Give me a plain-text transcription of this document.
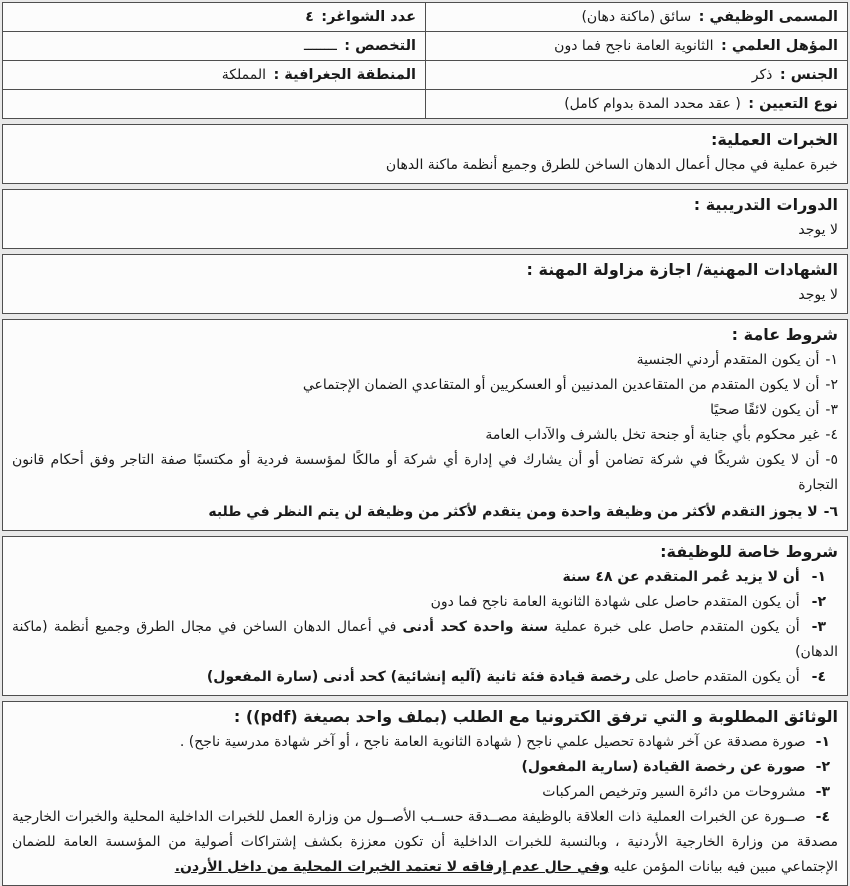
المسمى الوظيفي : سائق (ماكنة دهان)
عدد الشواغر: ٤
المؤهل العلمي : الثانوية العامة ناجح فما دون
التخصص : ــــــــ
الجنس : ذكر
المنطقة الجغرافية : المملكة
نوع التعيين : ( عقد محدد المدة بدوام كامل)
الخبرات العملية:
خبرة عملية في مجال أعمال الدهان الساخن للطرق وجميع أنظمة ماكنة الدهان
الدورات التدريبية :
لا يوجد
الشهادات المهنية/ اجازة مزاولة المهنة :
لا يوجد
شروط عامة :
١-أن يكون المتقدم أردني الجنسية
٢-أن لا يكون المتقدم من المتقاعدين المدنيين أو العسكريين أو المتقاعدي الضمان الإجتماعي
٣-أن يكون لائقًا صحيًا
٤-غير محكوم بأي جناية أو جنحة تخل بالشرف والآداب العامة
٥-أن لا يكون شريكًا في شركة تضامن أو أن يشارك في إدارة أي شركة أو مالكًا لمؤسسة فردية أو مكتسبًا صفة التاجر وفق أحكام قانون التجارة
٦-لا يجوز التقدم لأكثر من وظيفة واحدة ومن يتقدم لأكثر من وظيفة لن يتم النظر في طلبه
شروط خاصة للوظيفة:
١-أن لا يزيد عُمر المتقدم عن ٤٨ سنة
٢-أن يكون المتقدم حاصل على شهادة الثانوية العامة ناجح فما دون
٣-أن يكون المتقدم حاصل على خبرة عملية سنة واحدة كحد أدنى في أعمال الدهان الساخن في مجال الطرق وجميع أنظمة (ماكنة الدهان)
٤-أن يكون المتقدم حاصل على رخصة قيادة فئة ثانية (آليه إنشائية) كحد أدنى (سارة المفعول)
الوثائق المطلوبة و التي ترفق الكترونيا مع الطلب (بملف واحد بصيغة (pdf)) :
١-صورة مصدقة عن آخر شهادة تحصيل علمي ناجح ( شهادة الثانوية العامة ناجح ، أو آخر شهادة مدرسية ناجح) .
٢-صورة عن رخصة القيادة (سارية المفعول)
٣-مشروحات من دائرة السير وترخيص المركبات
٤-صــورة عن الخبرات العملية ذات العلاقة بالوظيفة مصــدقة حســب الأصــول من وزارة العمل للخبرات الداخلية المحلية والخبرات الخارجية مصدقة من وزارة الخارجية الأردنية ، وبالنسبة للخبرات الداخلية أن تكون معززة بكشف إشتراكات أصولية من المؤسسة العامة للضمان الإجتماعي مبين فيه بيانات المؤمن عليه وفي حال عدم إرفاقه لا تعتمد الخبرات المحلية من داخل الأردن.
